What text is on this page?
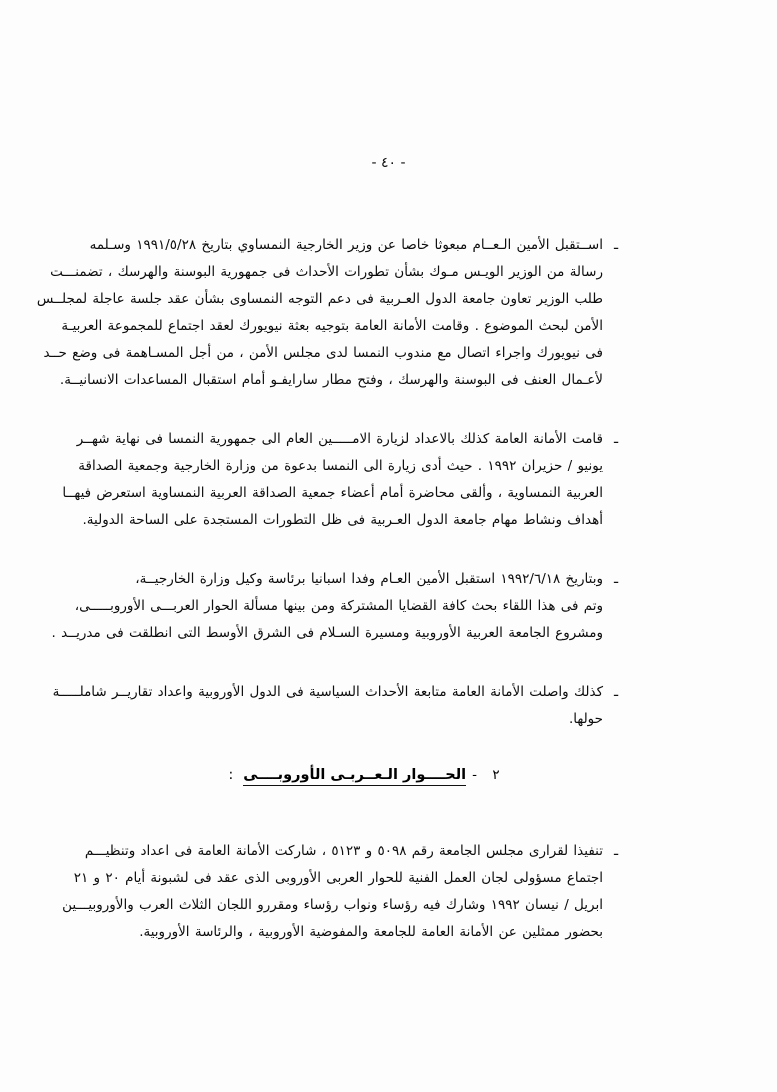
- ٤٠ -
ـ
اســتقبل الأمين الـعــام مبعوثا خاصا عن وزير الخارجية النمساوي بتاريخ ١٩٩١/٥/٢٨ وسـلمه
رسالة من الوزير الويـس مـوك بشأن تطورات الأحداث فى جمهورية البوسنة والهرسك ، تضمنـــت
طلب الوزير تعاون جامعة الدول العـربية فى دعم التوجه النمساوى بشأن عقد جلسة عاجلة لمجلــس
الأمن لبحث الموضوع . وقامت الأمانة العامة بتوجيه بعثة نيويورك لعقد اجتماع للمجموعة العربيـة
فى نيويورك واجراء اتصال مع مندوب النمسا لدى مجلس الأمن ، من أجل المسـاهمة فى وضع حــد
لأعـمال العنف فى البوسنة والهرسك ، وفتح مطار سارايفـو أمام استقبال المساعدات الانسانيــة.
ـ
قامت الأمانة العامة كذلك بالاعداد لزيارة الامـــــين العام الى جمهورية النمسا فى نهاية شهــر
يونيو / حزيران ١٩٩٢ . حيث أدى زيارة الى النمسا بدعوة من وزارة الخارجية وجمعية الصداقة
العربية النمساوية ، وألقى محاضرة أمام أعضاء جمعية الصداقة العربية النمساوية استعرض فيهــا
أهداف ونشاط مهام جامعة الدول العـربية فى ظل التطورات المستجدة على الساحة الدولية.
ـ
وبتاريخ ١٩٩٢/٦/١٨ استقبل الأمين العـام وفدا اسبانيا برئاسة وكيل وزارة الخارجيــة،
وتم فى هذا اللقاء بحث كافة القضايا المشتركة ومن بينها مسألة الحوار العربـــى الأوروبـــــى،
ومشروع الجامعة العربية الأوروبية ومسيرة السـلام فى الشرق الأوسط التى انطلقت فى مدريــد .
ـ
كذلك واصلت الأمانة العامة متابعة الأحداث السياسية فى الدول الأوروبية واعداد تقاريــر شاملـــــة
حولها.
٢
-
الحــــوار الـعــربـى الأوروبــــى
:
ـ
تنفيذا لقرارى مجلس الجامعة رقم ٥٠٩٨ و ٥١٢٣ ، شاركت الأمانة العامة فى اعداد وتنظيـــم
اجتماع مسؤولى لجان العمل الفنية للحوار العربى الأوروبى الذى عقد فى لشبونة أيام ٢٠ و ٢١
ابريل / نيسان ١٩٩٢ وشارك فيه رؤساء ونواب رؤساء ومقررو اللجان الثلاث العرب والأوروبيـــين
بحضور ممثلين عن الأمانة العامة للجامعة والمفوضية الأوروبية ، والرئاسة الأوروبية.
